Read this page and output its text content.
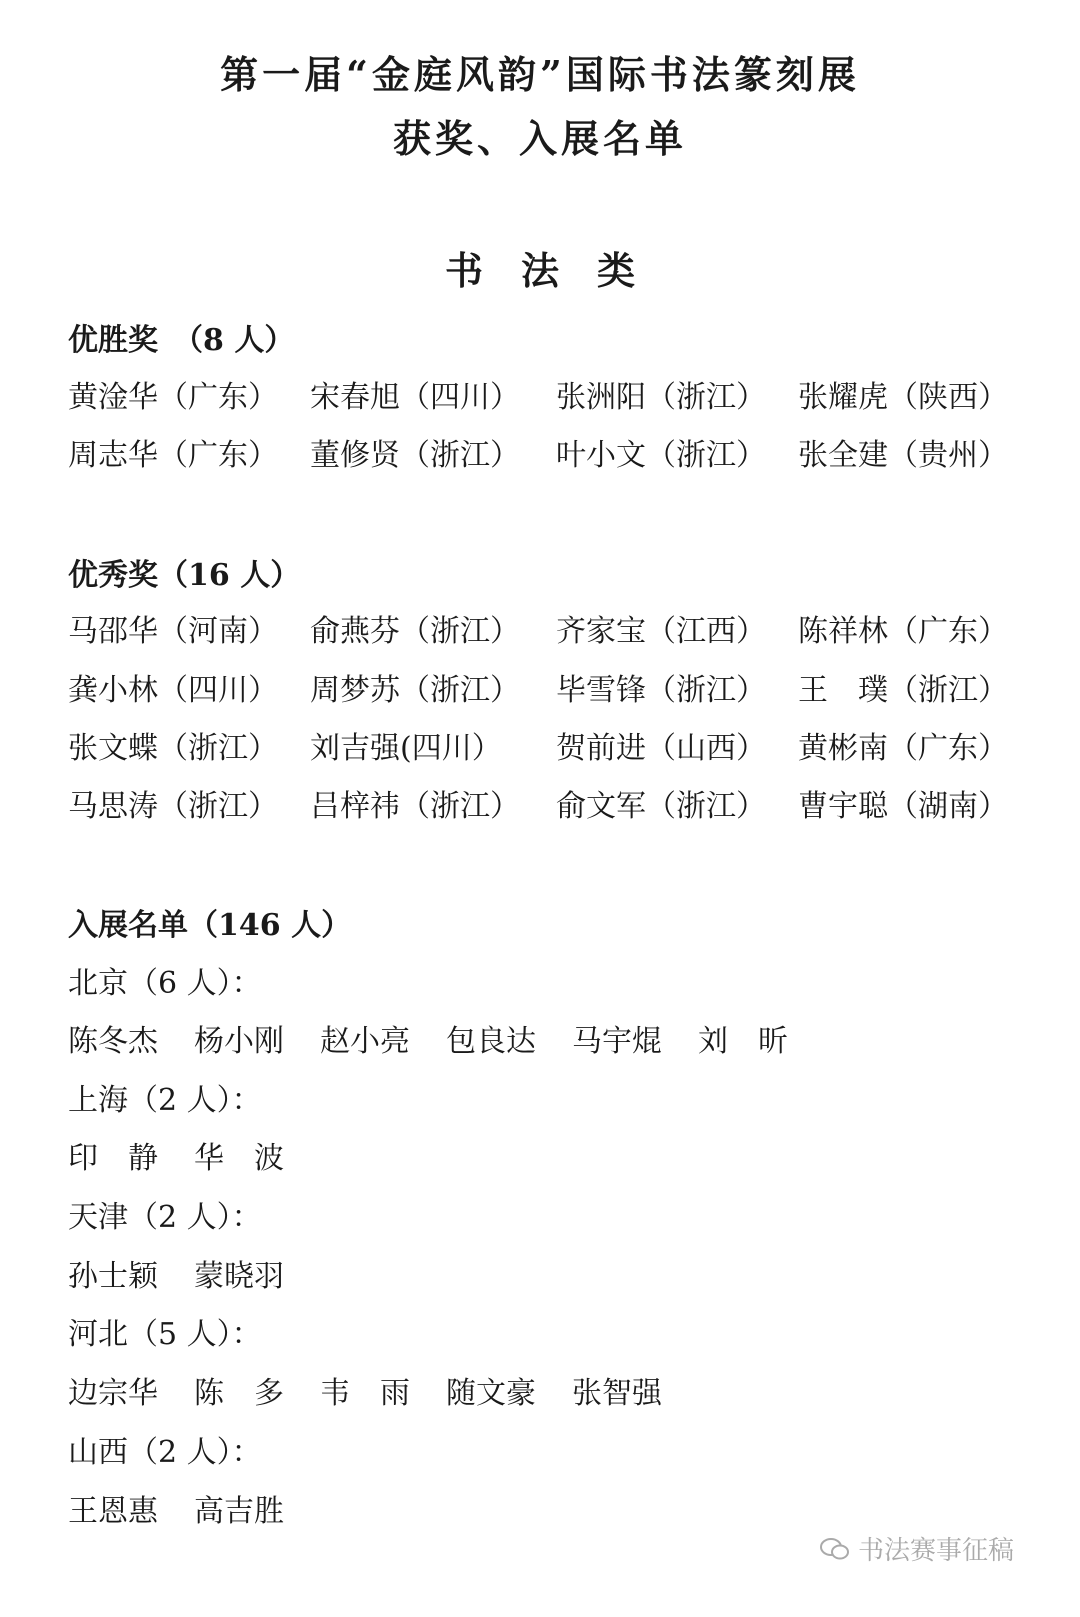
第一届“金庭风韵”国际书法篆刻展
获奖、入展名单
书　法　类
优胜奖　（8 人）
黄淦华（广东） 宋春旭（四川） 张洲阳（浙江） 张耀虎（陕西）
周志华（广东） 董修贤（浙江） 叶小文（浙江） 张全建（贵州）
优秀奖（16 人）
马邵华（河南） 俞燕芬（浙江） 齐家宝（江西） 陈祥林（广东）
龚小林（四川） 周梦苏（浙江） 毕雪锋（浙江） 王　璞（浙江）
张文蝶（浙江） 刘吉强(四川） 贺前进（山西） 黄彬南（广东）
马思涛（浙江） 吕梓祎（浙江） 俞文军（浙江） 曹宇聪（湖南）
入展名单（146 人）
北京（6 人）：
陈冬杰	杨小刚	赵小亮	包良达	马宇焜	刘　昕
上海（2 人）：
印　静	华　波
天津（2 人）：
孙士颖	蒙晓羽
河北（5 人）：
边宗华	陈　多	韦　雨	随文豪	张智强
山西（2 人）：
王恩惠	高吉胜
书法赛事征稿
